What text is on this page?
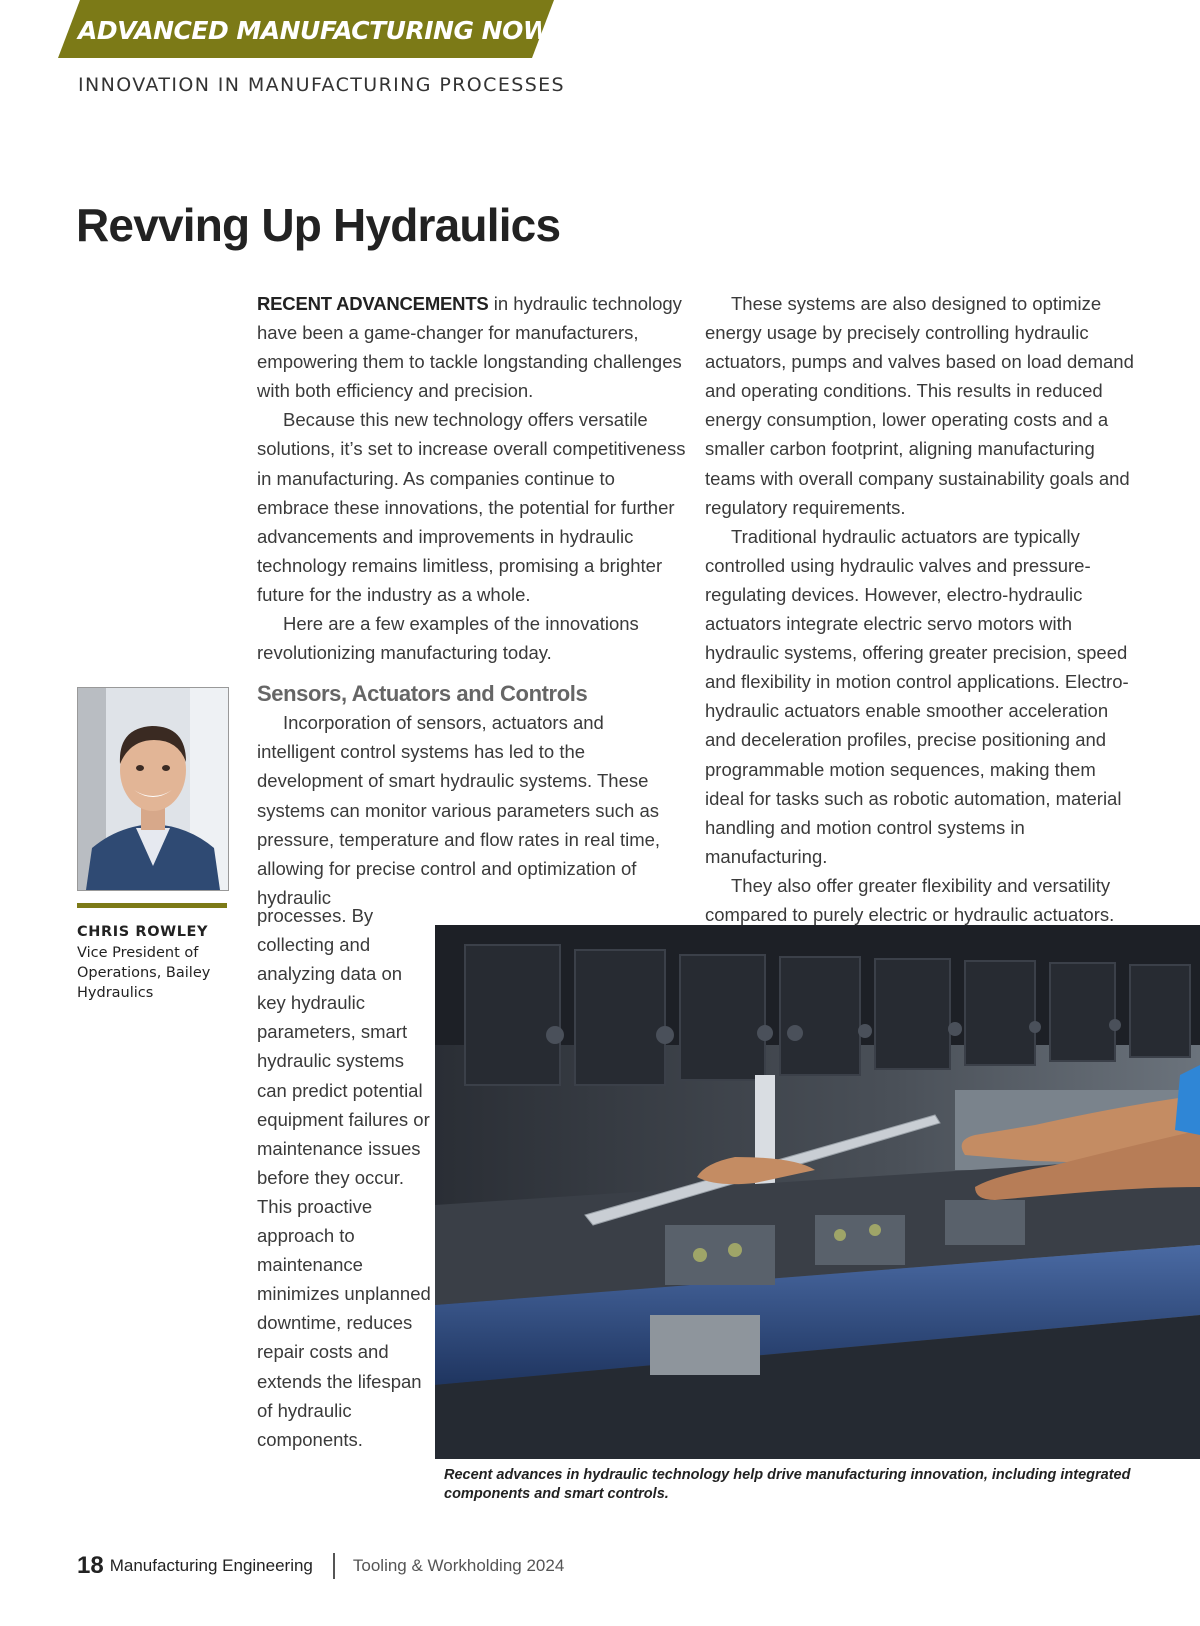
ADVANCED MANUFACTURING NOW
INNOVATION IN MANUFACTURING PROCESSES
Revving Up Hydraulics

RECENT ADVANCEMENTS in hydraulic technology have been a game-changer for manufacturers, empowering them to tackle longstanding challenges with both efficiency and precision.

Because this new technology offers versatile solutions, it’s set to increase overall competitiveness in manufacturing. As companies continue to embrace these innovations, the potential for further advancements and improvements in hydraulic technology remains limitless, promising a brighter future for the industry as a whole.

Here are a few examples of the innovations revolutionizing manufacturing today.

Sensors, Actuators and Controls

Incorporation of sensors, actuators and intelligent control systems has led to the development of smart hydraulic systems. These systems can monitor various parameters such as pressure, temperature and flow rates in real time, allowing for precise control and optimization of hydraulic

processes. By collecting and analyzing data on key hydraulic parameters, smart hydraulic systems can predict potential equipment failures or maintenance issues before they occur. This proactive approach to maintenance minimizes unplanned downtime, reduces repair costs and extends the lifespan of hydraulic components.

These systems are also designed to optimize energy usage by precisely controlling hydraulic actuators, pumps and valves based on load demand and operating conditions. This results in reduced energy consumption, lower operating costs and a smaller carbon footprint, aligning manufacturing teams with overall company sustainability goals and regulatory requirements.

Traditional hydraulic actuators are typically controlled using hydraulic valves and pressure-regulating devices. However, electro-hydraulic actuators integrate electric servo motors with hydraulic systems, offering greater precision, speed and flexibility in motion control applications. Electro-hydraulic actuators enable smoother acceleration and deceleration profiles, precise positioning and programmable motion sequences, making them ideal for tasks such as robotic automation, material handling and motion control systems in manufacturing.

They also offer greater flexibility and versatility compared to purely electric or hydraulic actuators.

CHRIS ROWLEY
Vice President of Operations, Bailey Hydraulics
Recent advances in hydraulic technology help drive manufacturing innovation, including integrated components and smart controls.
18 Manufacturing Engineering Tooling & Workholding 2024
